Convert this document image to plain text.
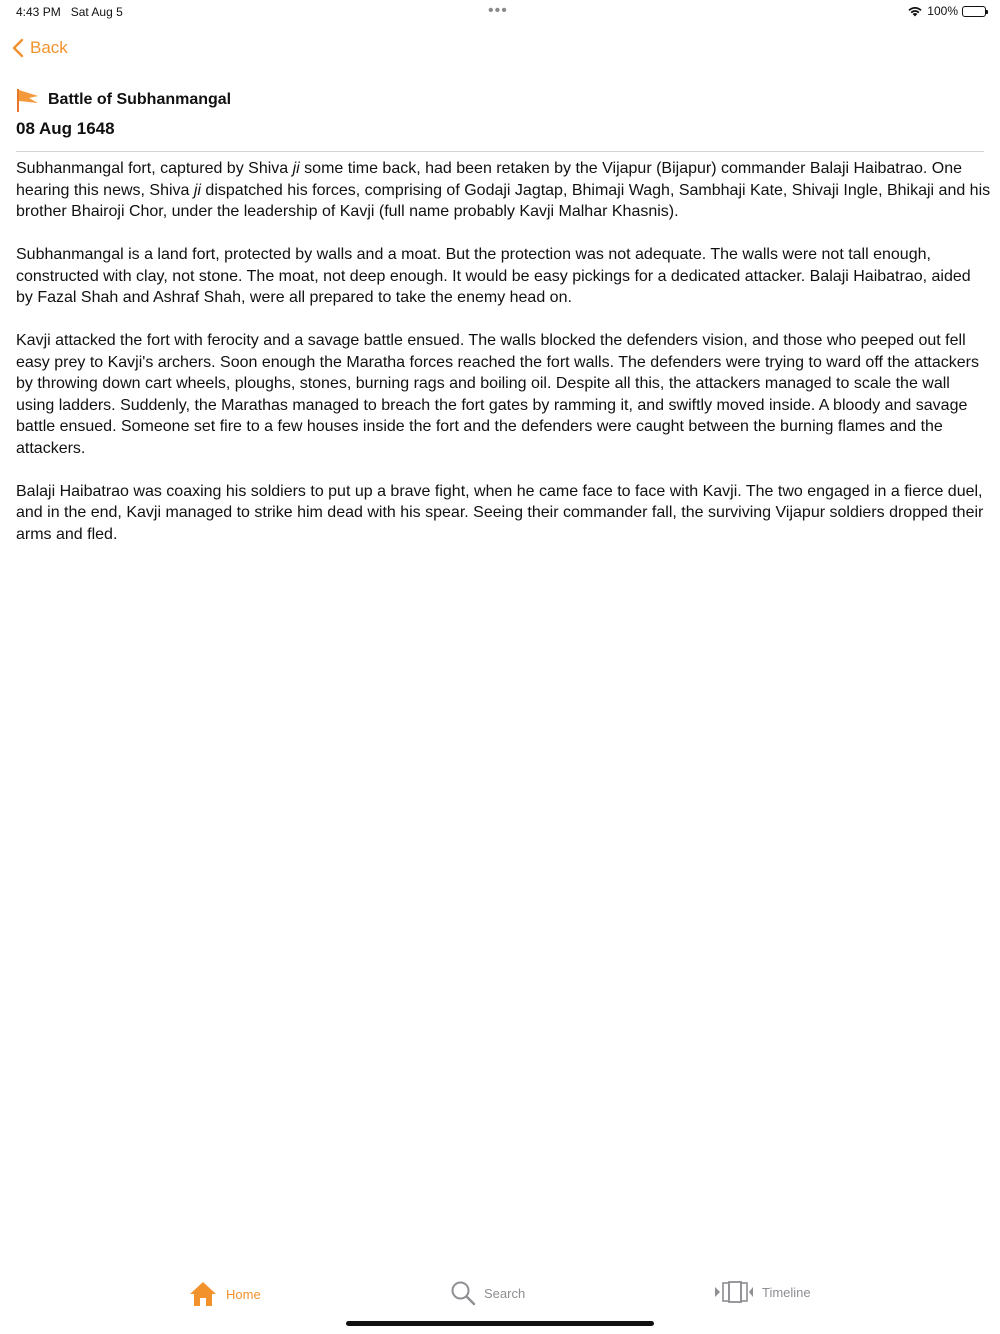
4:43 PM Sat Aug 5	•••	100%
Back
Battle of Subhanmangal
08 Aug 1648

Subhanmangal fort, captured by Shiva ji some time back, had been retaken by the Vijapur (Bijapur) commander Balaji Haibatrao. One hearing this news, Shiva ji dispatched his forces, comprising of Godaji Jagtap, Bhimaji Wagh, Sambhaji Kate, Shivaji Ingle, Bhikaji and his brother Bhairoji Chor, under the leadership of Kavji (full name probably Kavji Malhar Khasnis).

Subhanmangal is a land fort, protected by walls and a moat. But the protection was not adequate. The walls were not tall enough, constructed with clay, not stone. The moat, not deep enough. It would be easy pickings for a dedicated attacker. Balaji Haibatrao, aided by Fazal Shah and Ashraf Shah, were all prepared to take the enemy head on.

Kavji attacked the fort with ferocity and a savage battle ensued. The walls blocked the defenders vision, and those who peeped out fell easy prey to Kavji's archers. Soon enough the Maratha forces reached the fort walls. The defenders were trying to ward off the attackers by throwing down cart wheels, ploughs, stones, burning rags and boiling oil. Despite all this, the attackers managed to scale the wall using ladders. Suddenly, the Marathas managed to breach the fort gates by ramming it, and swiftly moved inside. A bloody and savage battle ensued. Someone set fire to a few houses inside the fort and the defenders were caught between the burning flames and the attackers.

Balaji Haibatrao was coaxing his soldiers to put up a brave fight, when he came face to face with Kavji. The two engaged in a fierce duel, and in the end, Kavji managed to strike him dead with his spear. Seeing their commander fall, the surviving Vijapur soldiers dropped their arms and fled.

Home	Search	Timeline
